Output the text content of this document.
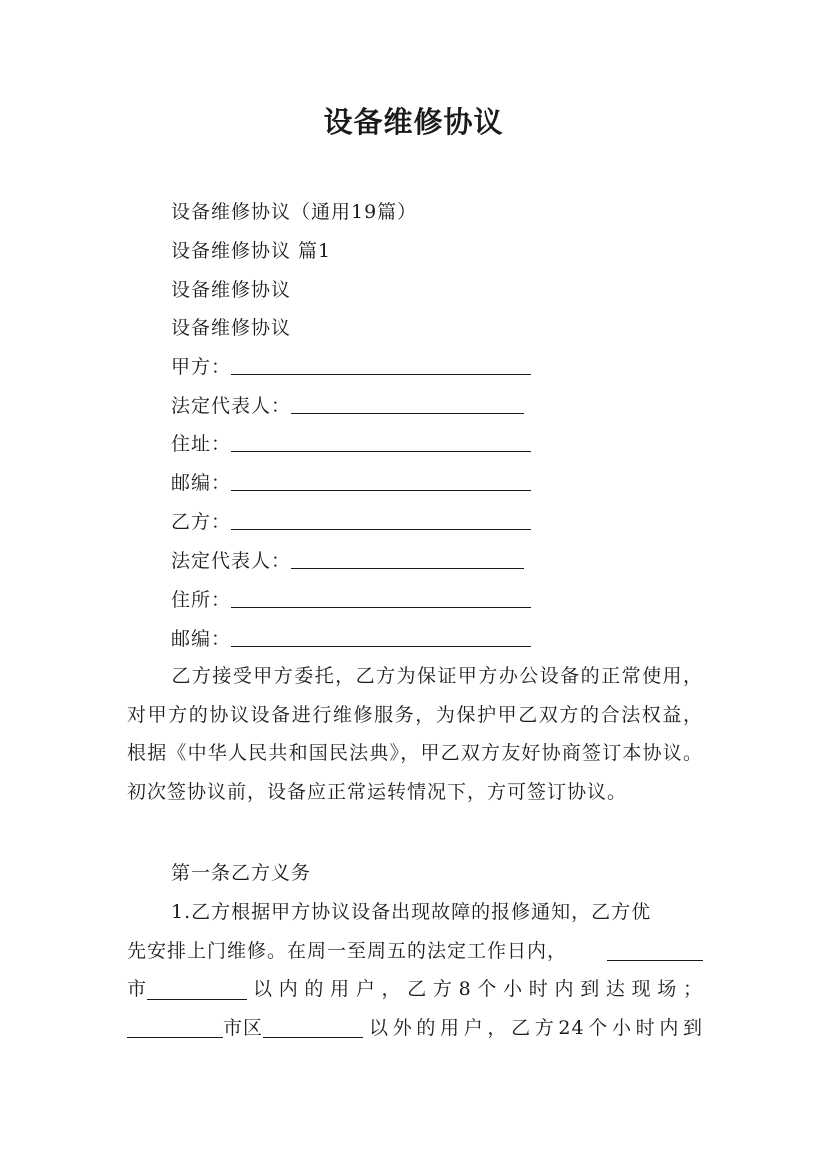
设备维修协议
设备维修协议（通用19篇）
设备维修协议 篇1
设备维修协议
设备维修协议
甲方：
法定代表人：
住址：
邮编：
乙方：
法定代表人：
住所：
邮编：
乙方接受甲方委托，乙方为保证甲方办公设备的正常使用，对甲方的协议设备进行维修服务，为保护甲乙双方的合法权益，根据《中华人民共和国民法典》，甲乙双方友好协商签订本协议。初次签协议前，设备应正常运转情况下，方可签订协议。
第一条乙方义务
1.乙方根据甲方协议设备出现故障的报修通知，乙方优
先安排上门维修。在周一至周五的法定工作日内，
市	以内的用户，乙方8个小时内到达现场；
市区	以外的用户，乙方24个小时内到
